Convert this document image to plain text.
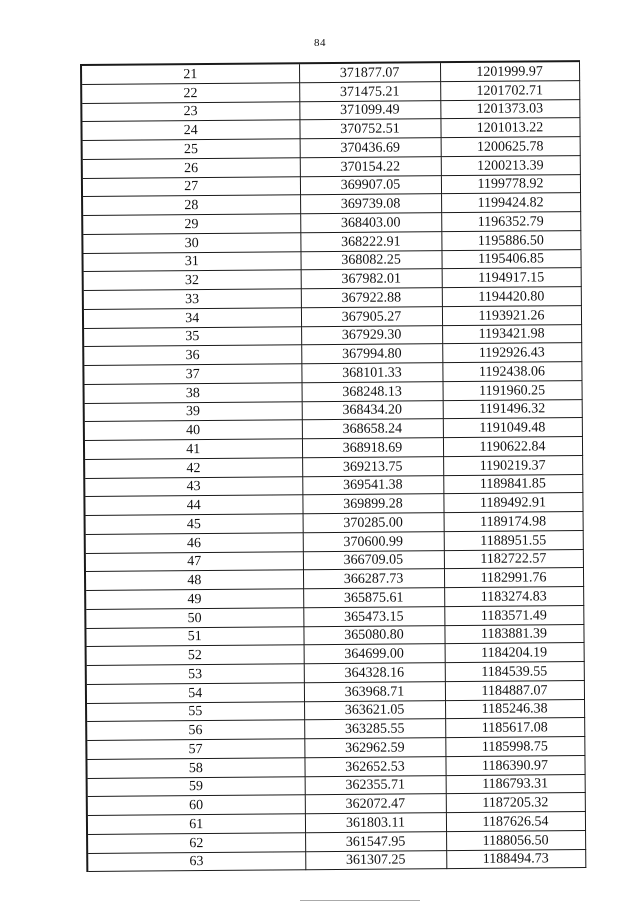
84
21	371877.07	1201999.97
22	371475.21	1201702.71
23	371099.49	1201373.03
24	370752.51	1201013.22
25	370436.69	1200625.78
26	370154.22	1200213.39
27	369907.05	1199778.92
28	369739.08	1199424.82
29	368403.00	1196352.79
30	368222.91	1195886.50
31	368082.25	1195406.85
32	367982.01	1194917.15
33	367922.88	1194420.80
34	367905.27	1193921.26
35	367929.30	1193421.98
36	367994.80	1192926.43
37	368101.33	1192438.06
38	368248.13	1191960.25
39	368434.20	1191496.32
40	368658.24	1191049.48
41	368918.69	1190622.84
42	369213.75	1190219.37
43	369541.38	1189841.85
44	369899.28	1189492.91
45	370285.00	1189174.98
46	370600.99	1188951.55
47	366709.05	1182722.57
48	366287.73	1182991.76
49	365875.61	1183274.83
50	365473.15	1183571.49
51	365080.80	1183881.39
52	364699.00	1184204.19
53	364328.16	1184539.55
54	363968.71	1184887.07
55	363621.05	1185246.38
56	363285.55	1185617.08
57	362962.59	1185998.75
58	362652.53	1186390.97
59	362355.71	1186793.31
60	362072.47	1187205.32
61	361803.11	1187626.54
62	361547.95	1188056.50
63	361307.25	1188494.73
